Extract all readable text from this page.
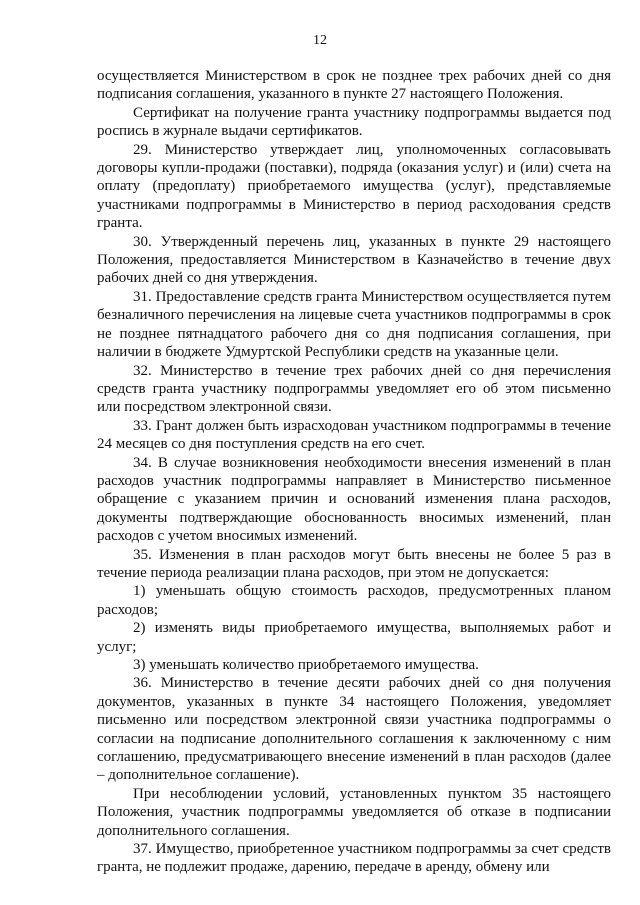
12

осуществляется Министерством в срок не позднее трех рабочих дней со дня подписания соглашения, указанного в пункте 27 настоящего Положения.

Сертификат на получение гранта участнику подпрограммы выдается под роспись в журнале выдачи сертификатов.

29. Министерство утверждает лиц, уполномоченных согласовывать договоры купли-продажи (поставки), подряда (оказания услуг) и (или) счета на оплату (предоплату) приобретаемого имущества (услуг), представляемые участниками подпрограммы в Министерство в период расходования средств гранта.

30. Утвержденный перечень лиц, указанных в пункте 29 настоящего Положения, предоставляется Министерством в Казначейство в течение двух рабочих дней со дня утверждения.

31. Предоставление средств гранта Министерством осуществляется путем безналичного перечисления на лицевые счета участников подпрограммы в срок не позднее пятнадцатого рабочего дня со дня подписания соглашения, при наличии в бюджете Удмуртской Республики средств на указанные цели.

32. Министерство в течение трех рабочих дней со дня перечисления средств гранта участнику подпрограммы уведомляет его об этом письменно или посредством электронной связи.

33. Грант должен быть израсходован участником подпрограммы в течение 24 месяцев со дня поступления средств на его счет.

34. В случае возникновения необходимости внесения изменений в план расходов участник подпрограммы направляет в Министерство письменное обращение с указанием причин и оснований изменения плана расходов, документы подтверждающие обоснованность вносимых изменений, план расходов с учетом вносимых изменений.

35. Изменения в план расходов могут быть внесены не более 5 раз в течение периода реализации плана расходов, при этом не допускается:

1) уменьшать общую стоимость расходов, предусмотренных планом расходов;

2) изменять виды приобретаемого имущества, выполняемых работ и услуг;

3) уменьшать количество приобретаемого имущества.

36. Министерство в течение десяти рабочих дней со дня получения документов, указанных в пункте 34 настоящего Положения, уведомляет письменно или посредством электронной связи участника подпрограммы о согласии на подписание дополнительного соглашения к заключенному с ним соглашению, предусматривающего внесение изменений в план расходов (далее – дополнительное соглашение).

При несоблюдении условий, установленных пунктом 35 настоящего Положения, участник подпрограммы уведомляется об отказе в подписании дополнительного соглашения.

37. Имущество, приобретенное участником подпрограммы за счет средств гранта, не подлежит продаже, дарению, передаче в аренду, обмену или
